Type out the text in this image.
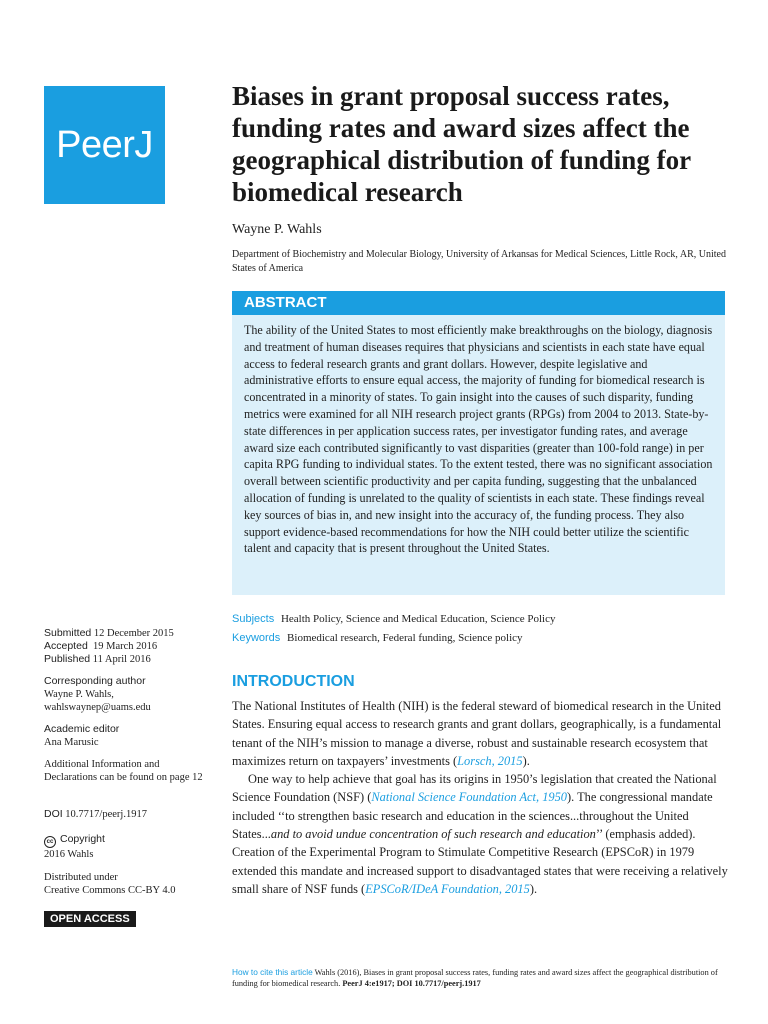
PeerJ
Biases in grant proposal success rates, funding rates and award sizes affect the geographical distribution of funding for biomedical research
Wayne P. Wahls
Department of Biochemistry and Molecular Biology, University of Arkansas for Medical Sciences, Little Rock, AR, United States of America
ABSTRACT

The ability of the United States to most efficiently make breakthroughs on the biology, diagnosis and treatment of human diseases requires that physicians and scientists in each state have equal access to federal research grants and grant dollars. However, despite legislative and administrative efforts to ensure equal access, the majority of funding for biomedical research is concentrated in a minority of states. To gain insight into the causes of such disparity, funding metrics were examined for all NIH research project grants (RPGs) from 2004 to 2013. State-by-state differences in per application success rates, per investigator funding rates, and average award size each contributed significantly to vast disparities (greater than 100-fold range) in per capita RPG funding to individual states. To the extent tested, there was no significant association overall between scientific productivity and per capita funding, suggesting that the unbalanced allocation of funding is unrelated to the quality of scientists in each state. These findings reveal key sources of bias in, and new insight into the accuracy of, the funding process. They also support evidence-based recommendations for how the NIH could better utilize the scientific talent and capacity that is present throughout the United States.

Subjects Health Policy, Science and Medical Education, Science Policy
Keywords Biomedical research, Federal funding, Science policy
Submitted 12 December 2015
Accepted 19 March 2016
Published 11 April 2016
Corresponding author
Wayne P. Wahls,
wahlswaynep@uams.edu
Academic editor
Ana Marusic
Additional Information and Declarations can be found on page 12
DOI 10.7717/peerj.1917
cc Copyright
2016 Wahls
Distributed under
Creative Commons CC-BY 4.0
OPEN ACCESS
INTRODUCTION

The National Institutes of Health (NIH) is the federal steward of biomedical research in the United States. Ensuring equal access to research grants and grant dollars, geographically, is a fundamental tenant of the NIH’s mission to manage a diverse, robust and sustainable research ecosystem that maximizes return on taxpayers’ investments (Lorsch, 2015).

One way to help achieve that goal has its origins in 1950’s legislation that created the National Science Foundation (NSF) (National Science Foundation Act, 1950). The congressional mandate included ‘‘to strengthen basic research and education in the sciences...throughout the United States...and to avoid undue concentration of such research and education’’ (emphasis added). Creation of the Experimental Program to Stimulate Competitive Research (EPSCoR) in 1979 extended this mandate and increased support to disadvantaged states that were receiving a relatively small share of NSF funds (EPSCoR/IDeA Foundation, 2015).

How to cite this article Wahls (2016), Biases in grant proposal success rates, funding rates and award sizes affect the geographical distribution of funding for biomedical research. PeerJ 4:e1917; DOI 10.7717/peerj.1917
